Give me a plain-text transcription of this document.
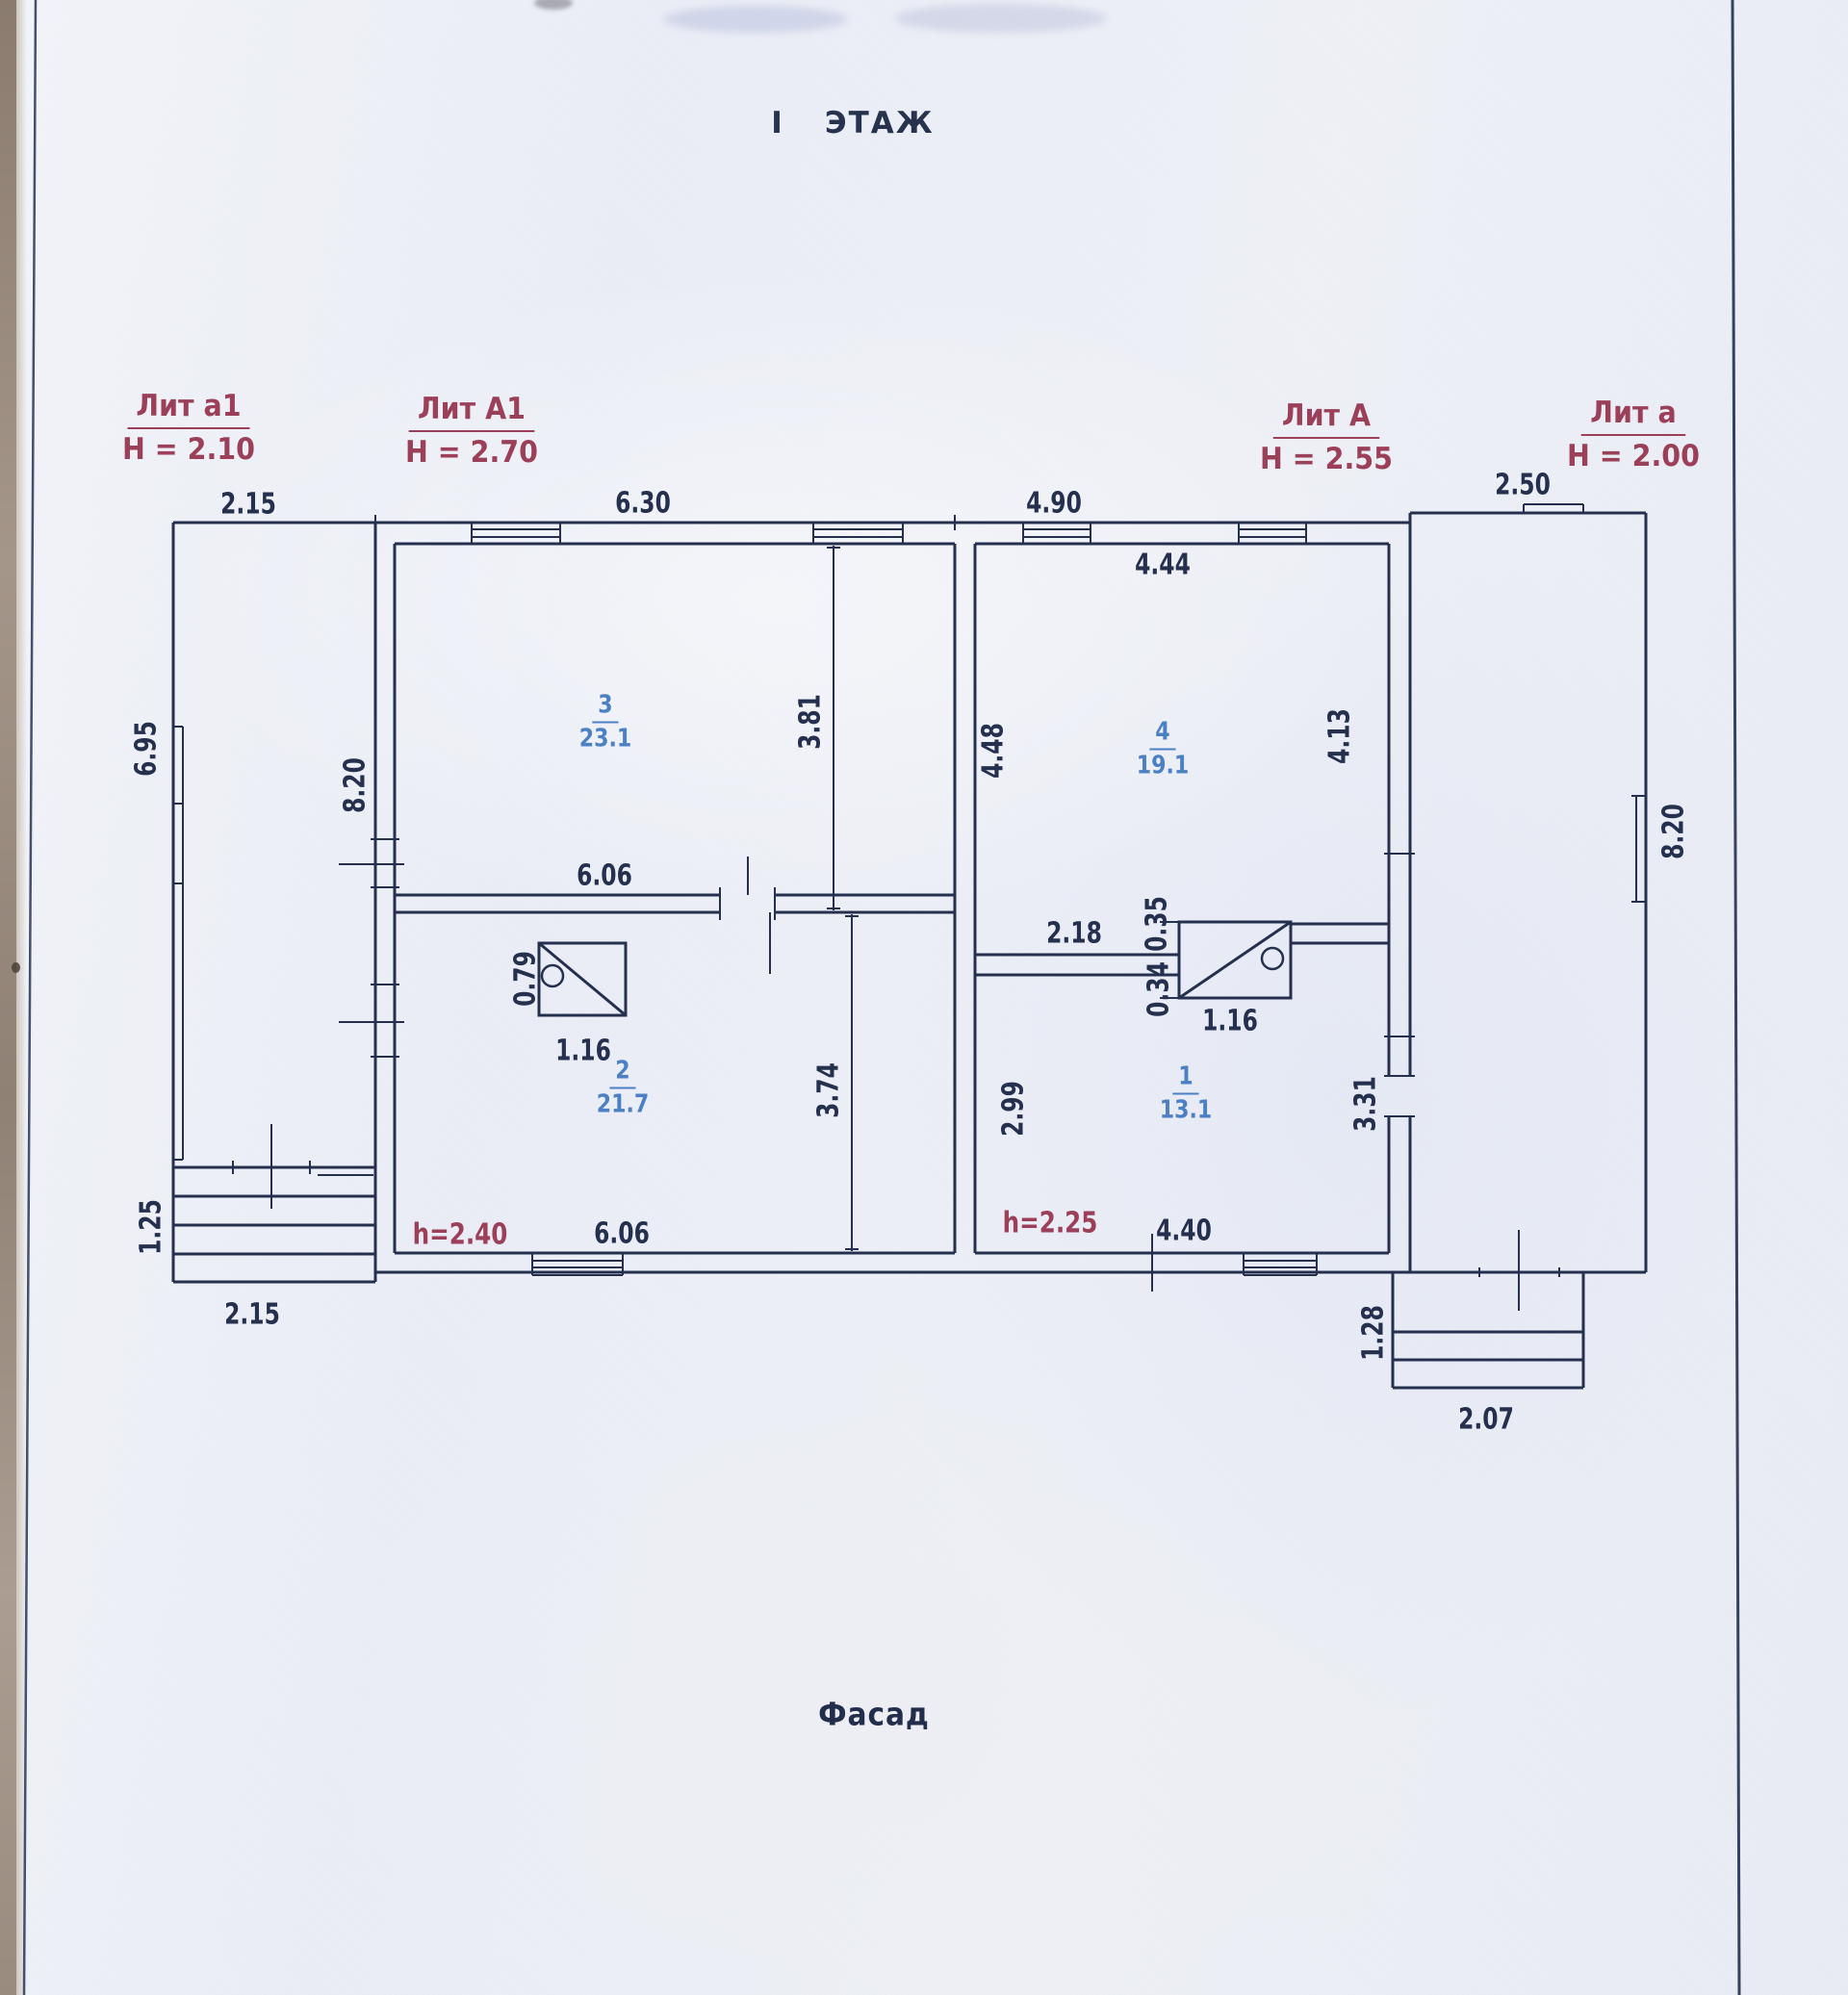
I ЭТАЖ
Лит а1
H = 2.10
Лит А1
H = 2.70
Лит А
H = 2.55
Лит а
H = 2.00
2.15	6.30	4.90
2.50
4.44
6.95
8.20
3.81
4.48	4.13
8.20
6.06
0.79
1.16
3.74
2.18 0.35
0.34
1.16
2.99	3.31
6.06	4.40
1.25
2.15	1.28
2.07
h=2.40	h=2.25
$\frac{3}{23.1}$	$\frac{4}{19.1}$
$\frac{2}{21.7}$	$\frac{1}{13.1}$
Фасад
